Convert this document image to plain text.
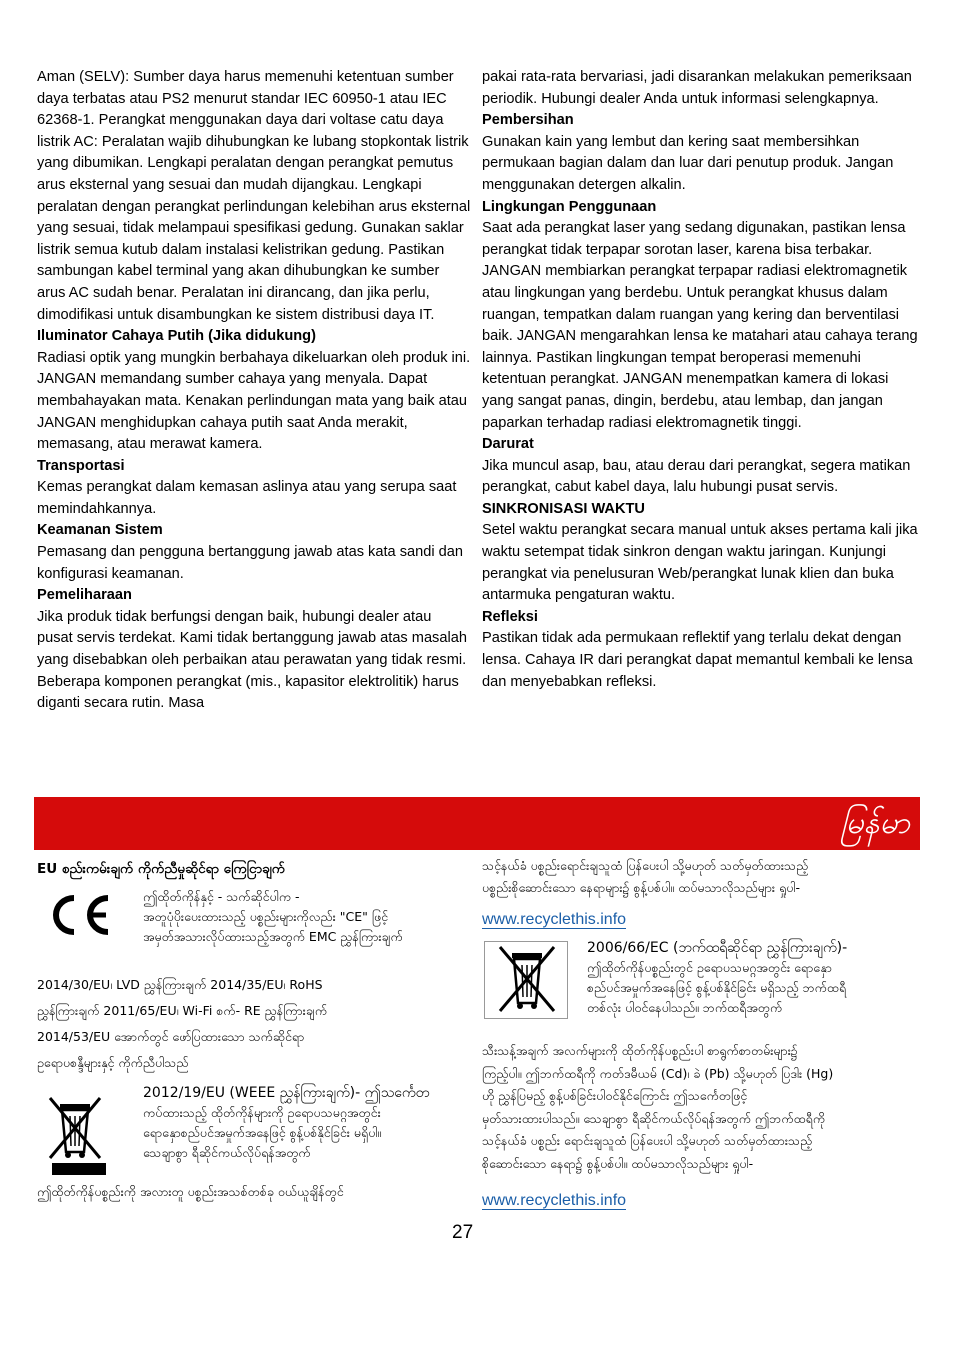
Aman (SELV): Sumber daya harus memenuhi ketentuan sumber daya terbatas atau PS2 menurut standar IEC 60950-1 atau IEC 62368-1. Perangkat menggunakan daya dari voltase catu daya listrik AC: Peralatan wajib dihubungkan ke lubang stopkontak listrik yang dibumikan. Lengkapi peralatan dengan perangkat pemutus arus eksternal yang sesuai dan mudah dijangkau. Lengkapi peralatan dengan perangkat perlindungan kelebihan arus eksternal yang sesuai, tidak melampaui spesifikasi gedung. Gunakan saklar listrik semua kutub dalam instalasi kelistrikan gedung. Pastikan sambungan kabel terminal yang akan dihubungkan ke sumber arus AC sudah benar. Peralatan ini dirancang, dan jika perlu, dimodifikasi untuk disambungkan ke sistem distribusi daya IT.

Iluminator Cahaya Putih (Jika didukung)

Radiasi optik yang mungkin berbahaya dikeluarkan oleh produk ini. JANGAN memandang sumber cahaya yang menyala. Dapat membahayakan mata. Kenakan perlindungan mata yang baik atau JANGAN menghidupkan cahaya putih saat Anda merakit, memasang, atau merawat kamera.

Transportasi

Kemas perangkat dalam kemasan aslinya atau yang serupa saat memindahkannya.

Keamanan Sistem

Pemasang dan pengguna bertanggung jawab atas kata sandi dan konfigurasi keamanan.

Pemeliharaan

Jika produk tidak berfungsi dengan baik, hubungi dealer atau pusat servis terdekat. Kami tidak bertanggung jawab atas masalah yang disebabkan oleh perbaikan atau perawatan yang tidak resmi. Beberapa komponen perangkat (mis., kapasitor elektrolitik) harus diganti secara rutin. Masa

pakai rata-rata bervariasi, jadi disarankan melakukan pemeriksaan periodik. Hubungi dealer Anda untuk informasi selengkapnya.

Pembersihan

Gunakan kain yang lembut dan kering saat membersihkan permukaan bagian dalam dan luar dari penutup produk. Jangan menggunakan detergen alkalin.

Lingkungan Penggunaan

Saat ada perangkat laser yang sedang digunakan, pastikan lensa perangkat tidak terpapar sorotan laser, karena bisa terbakar. JANGAN membiarkan perangkat terpapar radiasi elektromagnetik atau lingkungan yang berdebu. Untuk perangkat khusus dalam ruangan, tempatkan dalam ruangan yang kering dan berventilasi baik. JANGAN mengarahkan lensa ke matahari atau cahaya terang lainnya. Pastikan lingkungan tempat beroperasi memenuhi ketentuan perangkat. JANGAN menempatkan kamera di lokasi yang sangat panas, dingin, berdebu, atau lembap, dan jangan paparkan terhadap radiasi elektromagnetik tinggi.

Darurat

Jika muncul asap, bau, atau derau dari perangkat, segera matikan perangkat, cabut kabel daya, lalu hubungi pusat servis.

SINKRONISASI WAKTU

Setel waktu perangkat secara manual untuk akses pertama kali jika waktu setempat tidak sinkron dengan waktu jaringan. Kunjungi perangkat via penelusuran Web/perangkat lunak klien dan buka antarmuka pengaturan waktu.

Refleksi

Pastikan tidak ada permukaan reflektif yang terlalu dekat dengan lensa. Cahaya IR dari perangkat dapat memantul kembali ke lensa dan menyebabkan refleksi.

မြန်မာ
EU စည်းကမ်းချက် ကိုက်ညီမှုဆိုင်ရာ ကြေငြာချက်

ဤထိုတ်ကိုန်နှင့် - သက်ဆိုင်ပါက -

အတူပုံပိုးပေးထားသည့် ပစ္စည်းများကိုလည်း "CE" ဖြင့်

အမှတ်အသားလိုပ်ထားသည့်အတွက် EMC ညွှန်ကြားချက်

2014/30/EU၊ LVD ညွှန်ကြားချက် 2014/35/EU၊ RoHS

ညွှန်ကြားချက် 2011/65/EU၊ Wi-Fi စက်- RE ညွှန်ကြားချက်

2014/53/EU အောက်တွင် ဖော်ပြထားသော သက်ဆိုင်ရာ

ဥရောပစန္ဒီများနှင့် ကိုက်ညီပါသည်

2012/19/EU (WEEE ညွှန်ကြားချက်)- ဤသင်္ကေတ

ကပ်ထားသည့် ထိုတ်ကိုန်များကို ဥရောပသမဂ္ဂအတွင်း

ရောနှောစည်ပင်အမှုက်အနေဖြင့် စွန့်ပစ်နိုင်ခြင်း မရှိပါ။

သေချာစွာ ရီဆိုင်ကယ်လိုပ်ရန်အတွက်

ဤထိုတ်ကိုန်ပစ္စည်းကို အလားတူ ပစ္စည်းအသစ်တစ်ခု ဝယ်ယူချိန်တွင်

သင့်နယ်ခံ ပစ္စည်းရောင်းချသူထံ ပြန်ပေးပါ သို့မဟုတ် သတ်မှတ်ထားသည့်

ပစ္စည်းစိုဆောင်းသော နေရာများ၌ စွန့်ပစ်ပါ။ ထပ်မသာလိုသည်များ ရှုပါ-

www.recyclethis.info

2006/66/EC (ဘက်ထရီဆိုင်ရာ ညွှန်ကြားချက်)-

ဤထိုတ်ကိုန်ပစ္စည်းတွင် ဥရောပသမဂ္ဂအတွင်း ရောနှော

စည်ပင်အမှုက်အနေဖြင့် စွန့်ပစ်နိုင်ခြင်း မရှိသည့် ဘက်ထရီ

တစ်လုံး ပါဝင်နေပါသည်။ ဘက်ထရီအတွက်

သီးသန့်အချက် အလက်များကို ထိုတ်ကိုန်ပစ္စည်းပါ စာရွက်စာတမ်းများ၌

ကြည့်ပါ။ ဤဘက်ထရီကို ကတ်ဒမီယမ် (Cd)၊ ခဲ (Pb) သို့မဟုတ် ပြဒါး (Hg)

ဟို ညွှန်ပြမည့် စွန့်ပစ်ခြင်းပါဝင်နိုင်ကြောင်း ဤသင်္ကေတဖြင့်

မှတ်သားထားပါသည်။ သေချာစွာ ရီဆိုင်ကယ်လိုပ်ရန်အတွက် ဤဘက်ထရီကို

သင့်နယ်ခံ ပစ္စည်း ရောင်းချသူထံ ပြန်ပေးပါ သို့မဟုတ် သတ်မှတ်ထားသည့်

စိုဆောင်းသော နေရာ၌ စွန့်ပစ်ပါ။ ထပ်မသာလိုသည်များ ရှုပါ-

www.recyclethis.info
27
